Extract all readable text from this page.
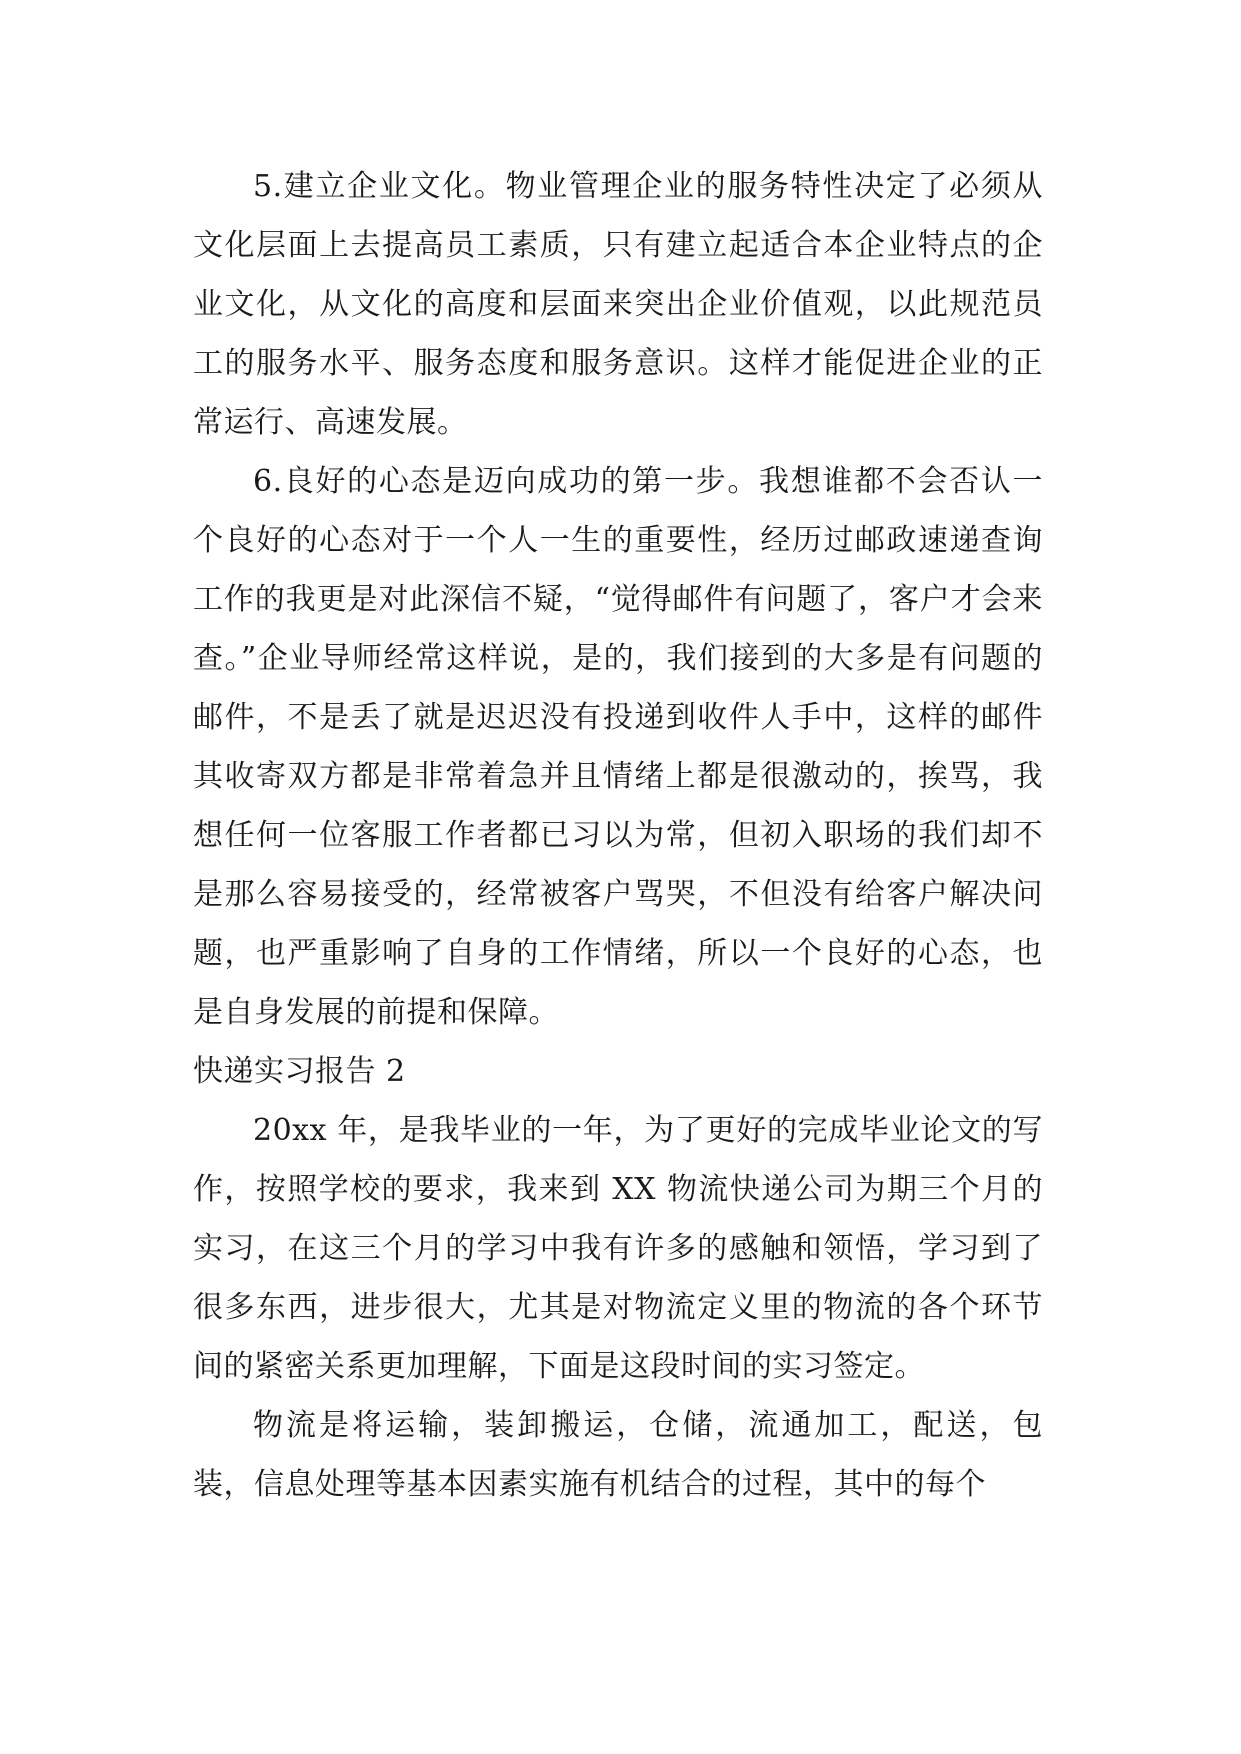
5.建立企业文化。物业管理企业的服务特性决定了必须从文化层面上去提高员工素质，只有建立起适合本企业特点的企业文化，从文化的高度和层面来突出企业价值观，以此规范员工的服务水平、服务态度和服务意识。这样才能促进企业的正常运行、高速发展。

6.良好的心态是迈向成功的第一步。我想谁都不会否认一个良好的心态对于一个人一生的重要性，经历过邮政速递查询工作的我更是对此深信不疑，“觉得邮件有问题了，客户才会来查。”企业导师经常这样说，是的，我们接到的大多是有问题的邮件，不是丢了就是迟迟没有投递到收件人手中，这样的邮件其收寄双方都是非常着急并且情绪上都是很激动的，挨骂，我想任何一位客服工作者都已习以为常，但初入职场的我们却不是那么容易接受的，经常被客户骂哭，不但没有给客户解决问题，也严重影响了自身的工作情绪，所以一个良好的心态，也是自身发展的前提和保障。

快递实习报告 2

20xx 年，是我毕业的一年，为了更好的完成毕业论文的写作，按照学校的要求，我来到 XX 物流快递公司为期三个月的实习，在这三个月的学习中我有许多的感触和领悟，学习到了很多东西，进步很大，尤其是对物流定义里的物流的各个环节间的紧密关系更加理解，下面是这段时间的实习签定。

物流是将运输，装卸搬运，仓储，流通加工，配送，包装，信息处理等基本因素实施有机结合的过程，其中的每个
